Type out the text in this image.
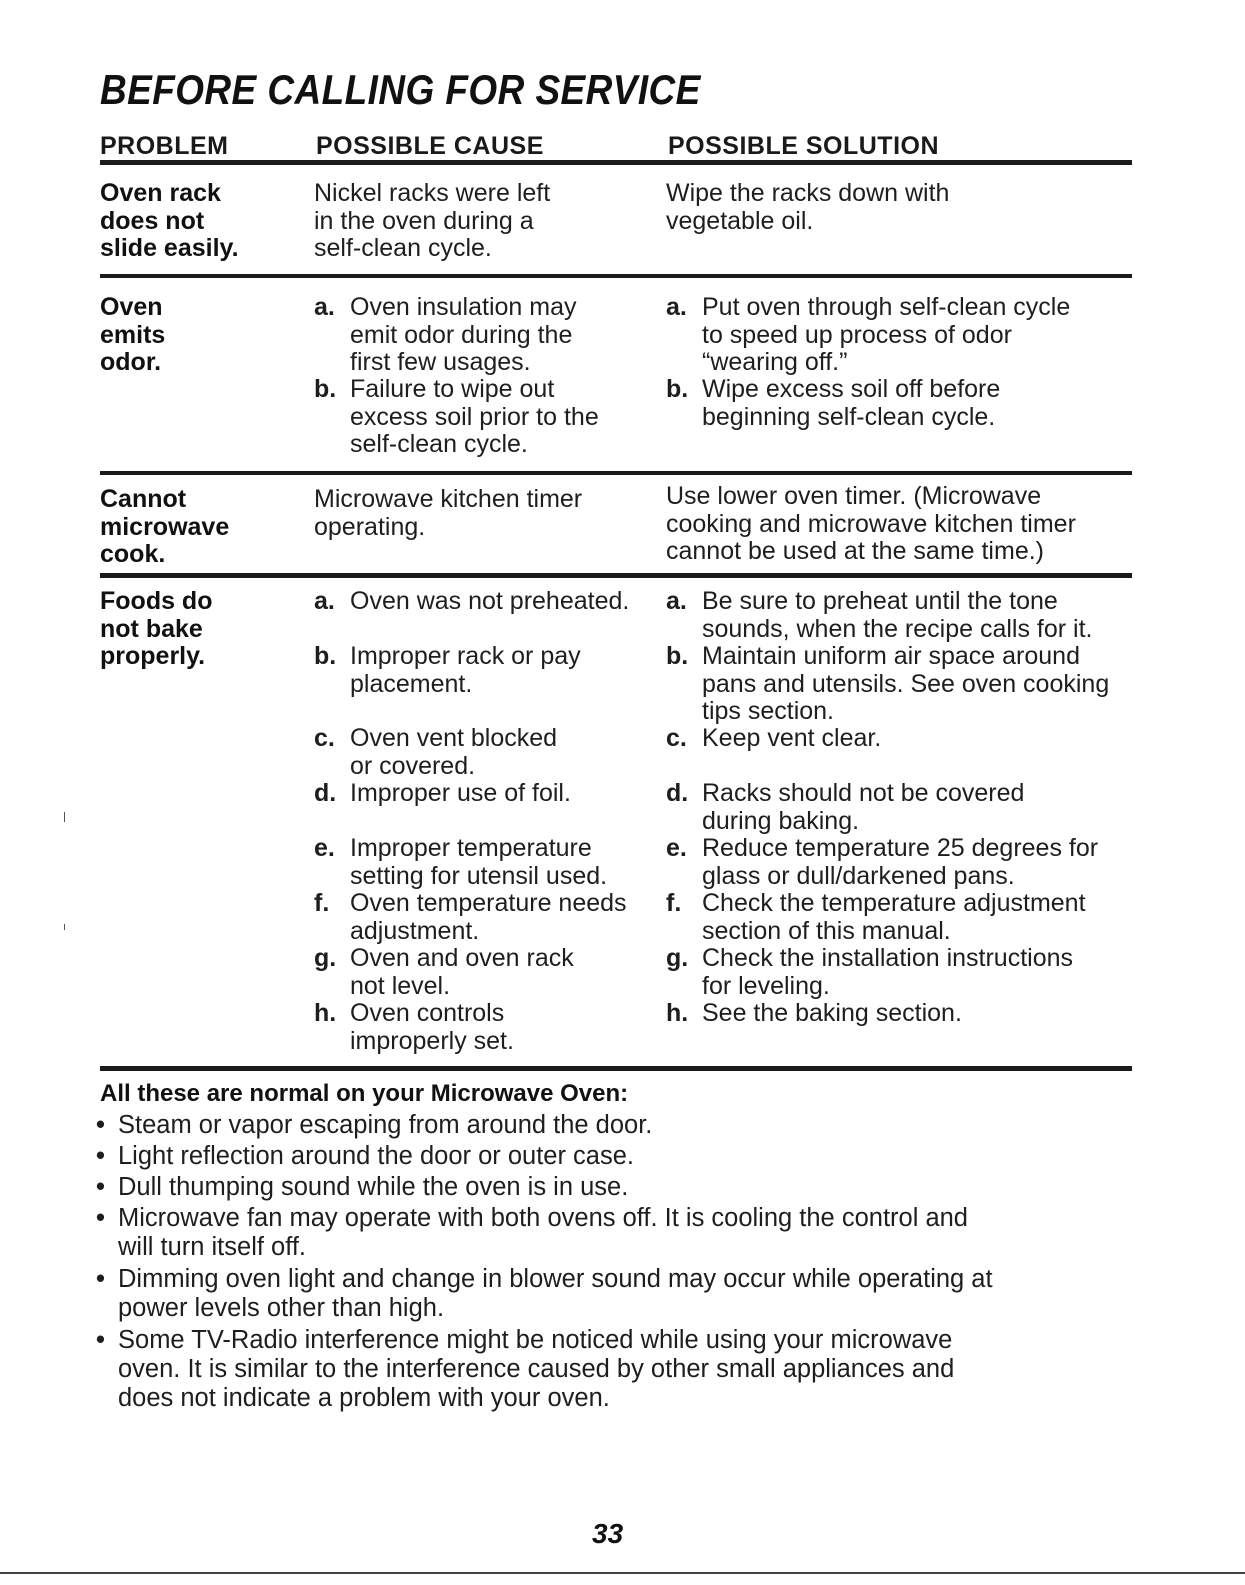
BEFORE CALLING FOR SERVICE
PROBLEM	POSSIBLE CAUSE	POSSIBLE SOLUTION
Oven rack
does not
slide easily.
Nickel racks were left
in the oven during a
self-clean cycle.
Wipe the racks down with
vegetable oil.
Oven
emits
odor.
a. Oven insulation may
emit odor during the
first few usages.
b. Failure to wipe out
excess soil prior to the
self-clean cycle.
a. Put oven through self-clean cycle
to speed up process of odor
“wearing off.”
b. Wipe excess soil off before
beginning self-clean cycle.
Cannot
microwave
cook.
Microwave kitchen timer
operating.
Use lower oven timer. (Microwave
cooking and microwave kitchen timer
cannot be used at the same time.)
Foods do
not bake
properly.
a. Oven was not preheated.
b. Improper rack or pay
placement.
c. Oven vent blocked
or covered.
d. Improper use of foil.
e. Improper temperature
setting for utensil used.
f. Oven temperature needs
adjustment.
g. Oven and oven rack
not level.
h. Oven controls
improperly set.
a. Be sure to preheat until the tone
sounds, when the recipe calls for it.
b. Maintain uniform air space around
pans and utensils. See oven cooking
tips section.
c. Keep vent clear.
d. Racks should not be covered
during baking.
e. Reduce temperature 25 degrees for
glass or dull/darkened pans.
f. Check the temperature adjustment
section of this manual.
g. Check the installation instructions
for leveling.
h. See the baking section.
All these are normal on your Microwave Oven:
• Steam or vapor escaping from around the door.
• Light reflection around the door or outer case.
• Dull thumping sound while the oven is in use.
• Microwave fan may operate with both ovens off. It is cooling the control and
will turn itself off.
• Dimming oven light and change in blower sound may occur while operating at
power levels other than high.
• Some TV-Radio interference might be noticed while using your microwave
oven. It is similar to the interference caused by other small appliances and
does not indicate a problem with your oven.
33
